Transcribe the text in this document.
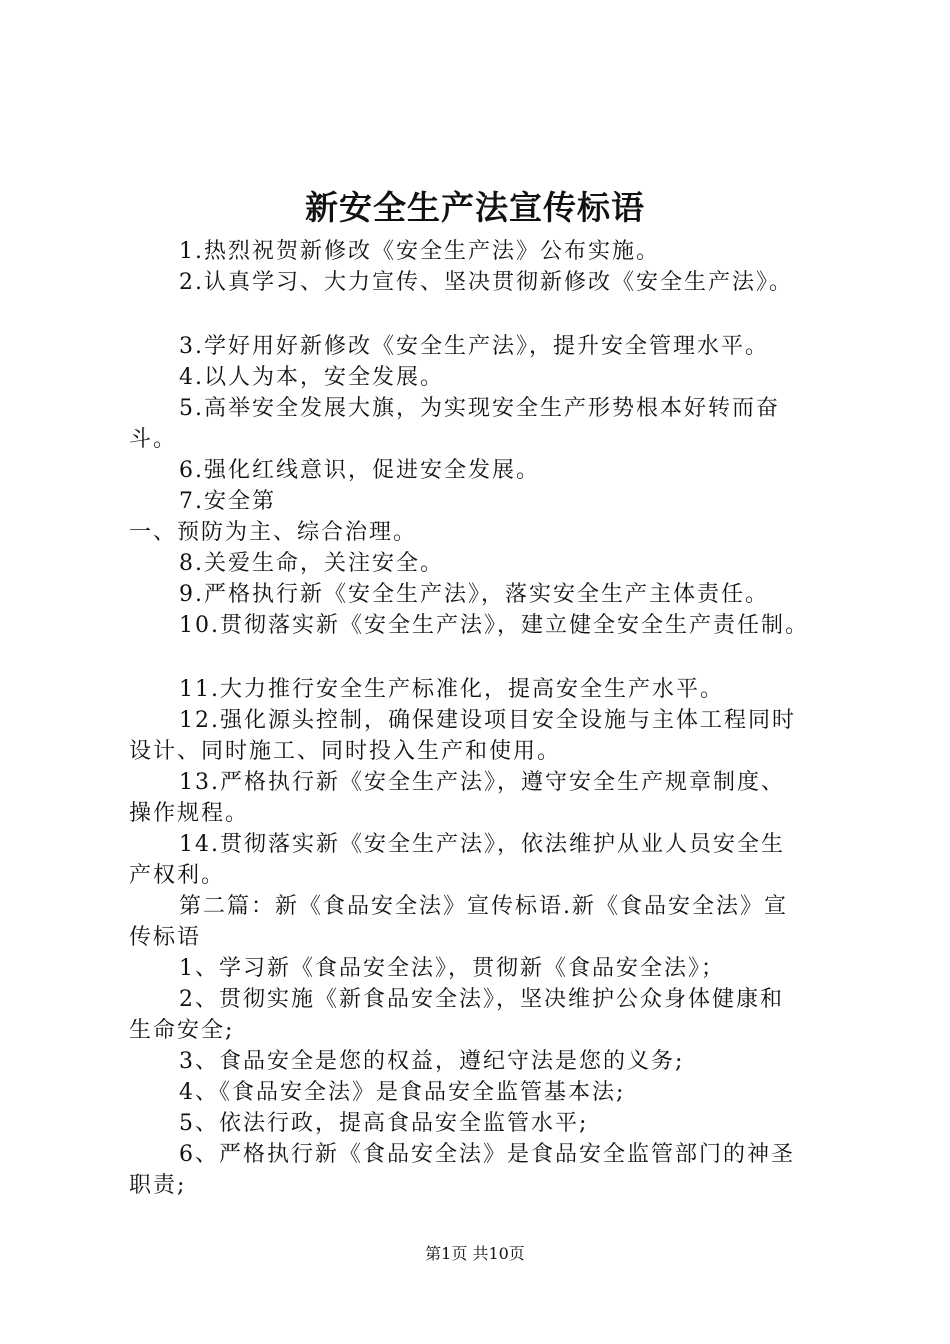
新安全生产法宣传标语
1.热烈祝贺新修改《安全生产法》公布实施。
2.认真学习、大力宣传、坚决贯彻新修改《安全生产法》。
3.学好用好新修改《安全生产法》，提升安全管理水平。
4.以人为本，安全发展。
5.高举安全发展大旗，为实现安全生产形势根本好转而奋
斗。
6.强化红线意识，促进安全发展。
7.安全第
一、预防为主、综合治理。
8.关爱生命，关注安全。
9.严格执行新《安全生产法》，落实安全生产主体责任。
10.贯彻落实新《安全生产法》，建立健全安全生产责任制。
11.大力推行安全生产标准化，提高安全生产水平。
12.强化源头控制，确保建设项目安全设施与主体工程同时
设计、同时施工、同时投入生产和使用。
13.严格执行新《安全生产法》，遵守安全生产规章制度、
操作规程。
14.贯彻落实新《安全生产法》，依法维护从业人员安全生
产权利。
第二篇：新《食品安全法》宣传标语.新《食品安全法》宣
传标语
1、学习新《食品安全法》，贯彻新《食品安全法》；
2、贯彻实施《新食品安全法》，坚决维护公众身体健康和
生命安全;
3、食品安全是您的权益，遵纪守法是您的义务;
4、《食品安全法》是食品安全监管基本法;
5、依法行政，提高食品安全监管水平;
6、严格执行新《食品安全法》是食品安全监管部门的神圣
职责;
第1页 共10页
